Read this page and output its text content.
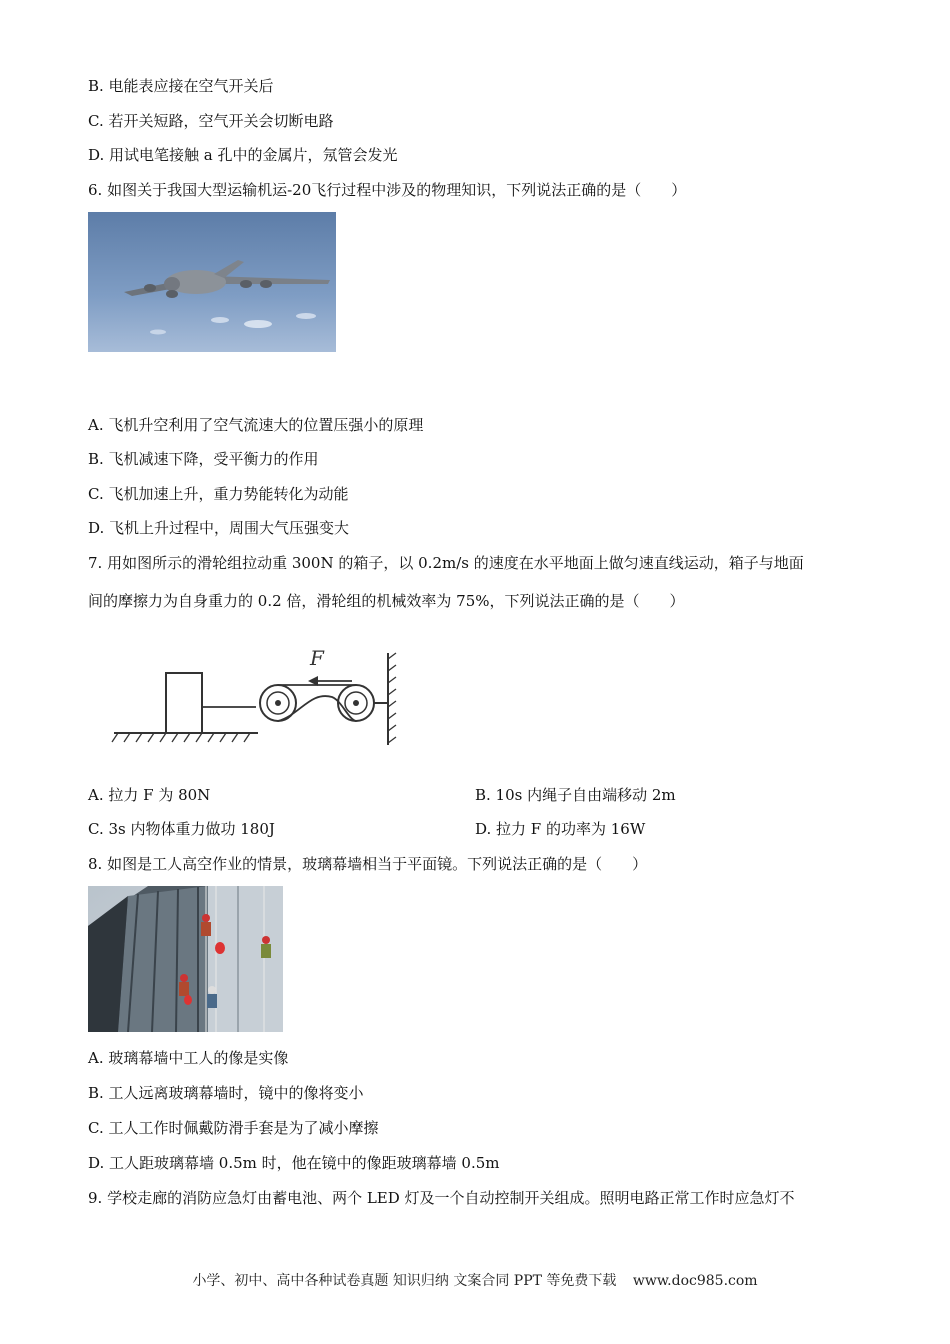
B. 电能表应接在空气开关后
C. 若开关短路，空气开关会切断电路
D. 用试电笔接触 a 孔中的金属片，氖管会发光
6. 如图关于我国大型运输机运-20飞行过程中涉及的物理知识，下列说法正确的是（　　）
A. 飞机升空利用了空气流速大的位置压强小的原理
B. 飞机减速下降，受平衡力的作用
C. 飞机加速上升，重力势能转化为动能
D. 飞机上升过程中，周围大气压强变大
7. 用如图所示的滑轮组拉动重 300N 的箱子，以 0.2m/s 的速度在水平地面上做匀速直线运动，箱子与地面
间的摩擦力为自身重力的 0.2 倍，滑轮组的机械效率为 75%，下列说法正确的是（　　）
F
A. 拉力 F 为 80N	B. 10s 内绳子自由端移动 2m
C. 3s 内物体重力做功 180J	D. 拉力 F 的功率为 16W
8. 如图是工人高空作业的情景，玻璃幕墙相当于平面镜。下列说法正确的是（　　）
A. 玻璃幕墙中工人的像是实像
B. 工人远离玻璃幕墙时，镜中的像将变小
C. 工人工作时佩戴防滑手套是为了减小摩擦
D. 工人距玻璃幕墙 0.5m 时，他在镜中的像距玻璃幕墙 0.5m
9. 学校走廊的消防应急灯由蓄电池、两个 LED 灯及一个自动控制开关组成。照明电路正常工作时应急灯不
小学、初中、高中各种试卷真题 知识归纳 文案合同 PPT 等免费下载 www.doc985.com
